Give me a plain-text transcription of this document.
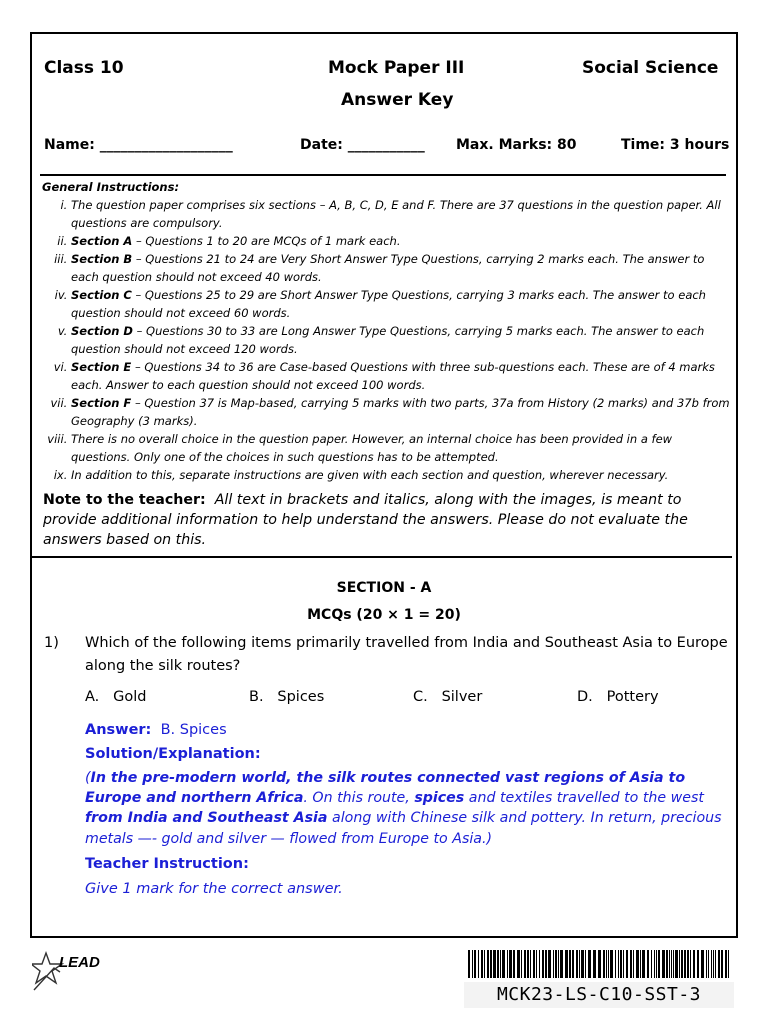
Class 10	Mock Paper III	Social Science
Answer Key
Name: ___________________	Date: ___________ Max. Marks: 80	Time: 3 hours
General Instructions:
i. The question paper comprises six sections – A, B, C, D, E and F. There are 37 questions in the question paper. All questions are compulsory.
ii. Section A – Questions 1 to 20 are MCQs of 1 mark each.
iii. Section B – Questions 21 to 24 are Very Short Answer Type Questions, carrying 2 marks each. The answer to each question should not exceed 40 words.
iv. Section C – Questions 25 to 29 are Short Answer Type Questions, carrying 3 marks each. The answer to each question should not exceed 60 words.
v. Section D – Questions 30 to 33 are Long Answer Type Questions, carrying 5 marks each. The answer to each question should not exceed 120 words.
vi. Section E – Questions 34 to 36 are Case-based Questions with three sub-questions each. These are of 4 marks each. Answer to each question should not exceed 100 words.
vii. Section F – Question 37 is Map-based, carrying 5 marks with two parts, 37a from History (2 marks) and 37b from Geography (3 marks).
viii. There is no overall choice in the question paper. However, an internal choice has been provided in a few questions. Only one of the choices in such questions has to be attempted.
ix. In addition to this, separate instructions are given with each section and question, wherever necessary.
Note to the teacher: All text in brackets and italics, along with the images, is meant to provide additional information to help understand the answers. Please do not evaluate the answers based on this.
SECTION - A
MCQs (20 × 1 = 20)
1) Which of the following items primarily travelled from India and Southeast Asia to Europe along the silk routes?
A. Gold	B. Spices	C. Silver	D. Pottery
Answer: B. Spices
Solution/Explanation:
(In the pre-modern world, the silk routes connected vast regions of Asia to Europe and northern Africa. On this route, spices and textiles travelled to the west from India and Southeast Asia along with Chinese silk and pottery. In return, precious metals —- gold and silver — flowed from Europe to Asia.)
Teacher Instruction:
Give 1 mark for the correct answer.
LEAD
MCK23-LS-C10-SST-3
